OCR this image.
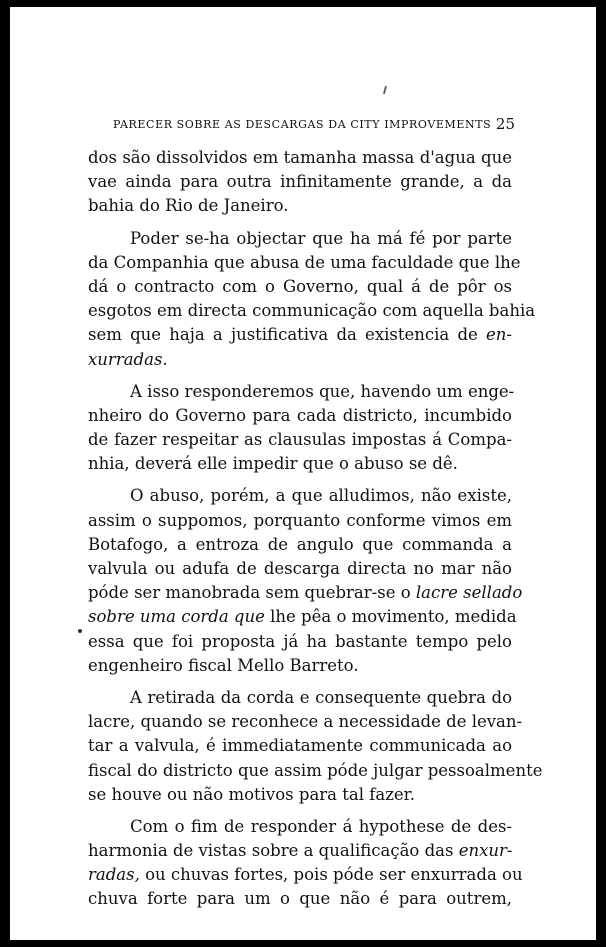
PARECER SOBRE AS DESCARGAS DA CITY IMPROVEMENTS 25
dos são dissolvidos em tamanha massa d'agua que
vae ainda para outra infinitamente grande, a da
bahia do Rio de Janeiro.
Poder se-ha objectar que ha má fé por parte
da Companhia que abusa de uma faculdade que lhe
dá o contracto com o Governo, qual á de pôr os
esgotos em directa communicação com aquella bahia
sem que haja a justificativa da existencia de en-
xurradas.
A isso responderemos que, havendo um enge-
nheiro do Governo para cada districto, incumbido
de fazer respeitar as clausulas impostas á Compa-
nhia, deverá elle impedir que o abuso se dê.
O abuso, porém, a que alludimos, não existe,
assim o suppomos, porquanto conforme vimos em
Botafogo, a entroza de angulo que commanda a
valvula ou adufa de descarga directa no mar não
póde ser manobrada sem quebrar-se o lacre sellado
sobre uma corda que lhe pêa o movimento, medida
essa que foi proposta já ha bastante tempo pelo
engenheiro fiscal Mello Barreto.
A retirada da corda e consequente quebra do
lacre, quando se reconhece a necessidade de levan-
tar a valvula, é immediatamente communicada ao
fiscal do districto que assim póde julgar pessoalmente
se houve ou não motivos para tal fazer.
Com o fim de responder á hypothese de des-
harmonia de vistas sobre a qualificação das enxur-
radas, ou chuvas fortes, pois póde ser enxurrada ou
chuva forte para um o que não é para outrem,
